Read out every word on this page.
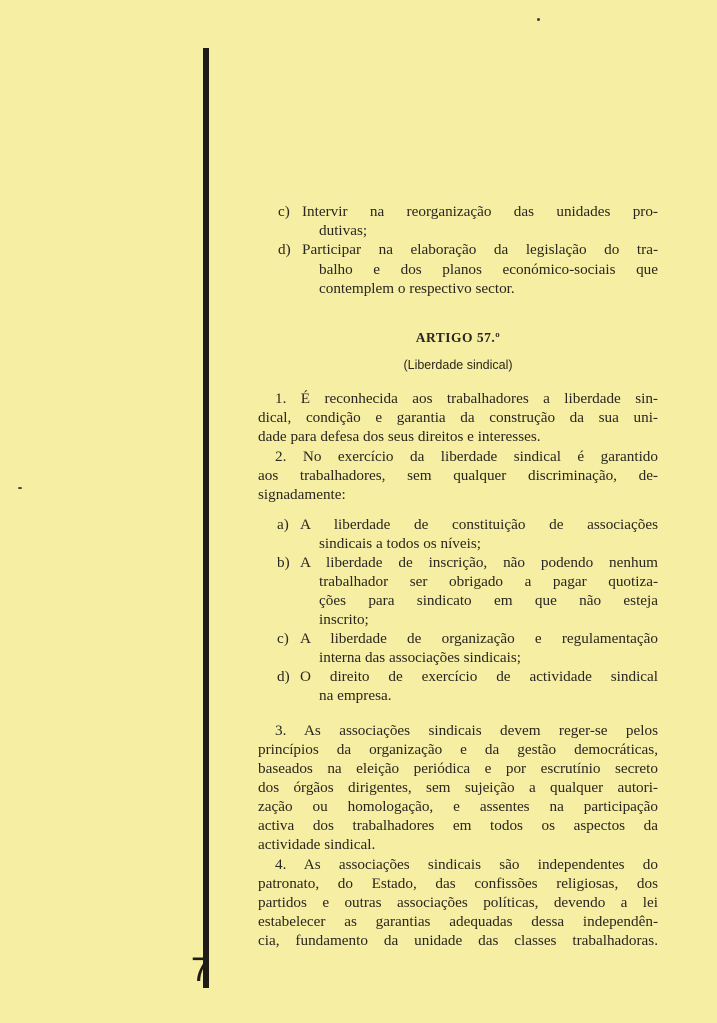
7
c) Intervir na reorganização das unidades pro-
dutivas;
d) Participar na elaboração da legislação do tra-
balho e dos planos económico-sociais que
contemplem o respectivo sector.
ARTIGO 57.º
(Liberdade sindical)
1. É reconhecida aos trabalhadores a liberdade sin-
dical, condição e garantia da construção da sua uni-
dade para defesa dos seus direitos e interesses.
2. No exercício da liberdade sindical é garantido
aos trabalhadores, sem qualquer discriminação, de-
signadamente:
a) A liberdade de constituição de associações
sindicais a todos os níveis;
b) A liberdade de inscrição, não podendo nenhum
trabalhador ser obrigado a pagar quotiza-
ções para sindicato em que não esteja
inscrito;
c) A liberdade de organização e regulamentação
interna das associações sindicais;
d) O direito de exercício de actividade sindical
na empresa.
3. As associações sindicais devem reger-se pelos
princípios da organização e da gestão democráticas,
baseados na eleição periódica e por escrutínio secreto
dos órgãos dirigentes, sem sujeição a qualquer autori-
zação ou homologação, e assentes na participação
activa dos trabalhadores em todos os aspectos da
actividade sindical.
4. As associações sindicais são independentes do
patronato, do Estado, das confissões religiosas, dos
partidos e outras associações políticas, devendo a lei
estabelecer as garantias adequadas dessa independên-
cia, fundamento da unidade das classes trabalhadoras.
